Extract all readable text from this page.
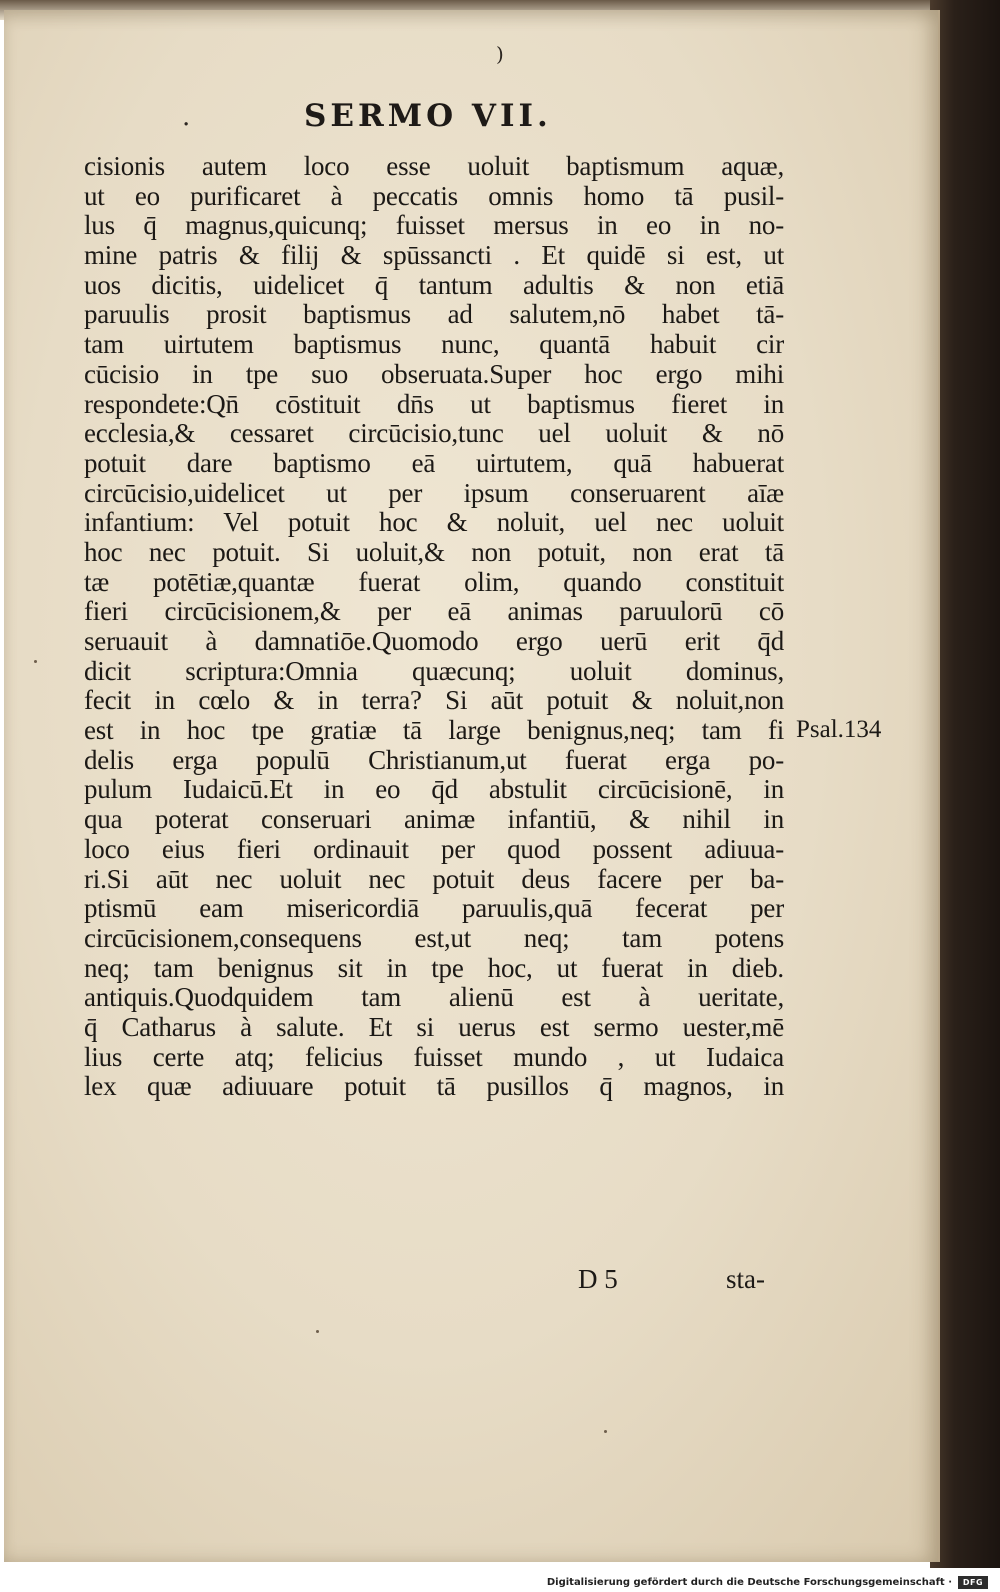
)
.	SERMO VII.
cisionis autem loco esse uoluit baptismum aquæ,
ut eo purificaret à peccatis omnis homo tā pusil-
lus q̄ magnus,quicunq; fuisset mersus in eo in no-
mine patris & filij & spūssancti . Et quidē si est, ut
uos dicitis, uidelicet q̄ tantum adultis & non etiā
paruulis prosit baptismus ad salutem,nō habet tā-
tam uirtutem baptismus nunc, quantā habuit cir
cūcisio in tpe suo obseruata.Super hoc ergo mihi
respondete:Qn̄ cōstituit dn̄s ut baptismus fieret in
ecclesia,& cessaret circūcisio,tunc uel uoluit & nō
potuit dare baptismo eā uirtutem, quā habuerat
circūcisio,uidelicet ut per ipsum conseruarent aīæ
infantium: Vel potuit hoc & noluit, uel nec uoluit
hoc nec potuit. Si uoluit,& non potuit, non erat tā
tæ potētiæ,quantæ fuerat olim, quando constituit
fieri circūcisionem,& per eā animas paruulorū cō
seruauit à damnatiōe.Quomodo ergo uerū erit q̄d
dicit scriptura:Omnia quæcunq; uoluit dominus,
fecit in cœlo & in terra? Si aūt potuit & noluit,non
est in hoc tpe gratiæ tā large benignus,neq; tam fi
delis erga populū Christianum,ut fuerat erga po-
pulum Iudaicū.Et in eo q̄d abstulit circūcisionē, in
qua poterat conseruari animæ infantiū, & nihil in
loco eius fieri ordinauit per quod possent adiuua-
ri.Si aūt nec uoluit nec potuit deus facere per ba-
ptismū eam misericordiā paruulis,quā fecerat per
circūcisionem,consequens est,ut neq; tam potens
neq; tam benignus sit in tpe hoc, ut fuerat in dieb.
antiquis.Quodquidem tam alienū est à ueritate,
q̄ Catharus à salute. Et si uerus est sermo uester,mē
lius certe atq; felicius fuisset mundo , ut Iudaica
lex quæ adiuuare potuit tā pusillos q̄ magnos, in
Psal.134
D 5	sta-
Digitalisierung gefördert durch die Deutsche Forschungsgemeinschaft ·	DFG
